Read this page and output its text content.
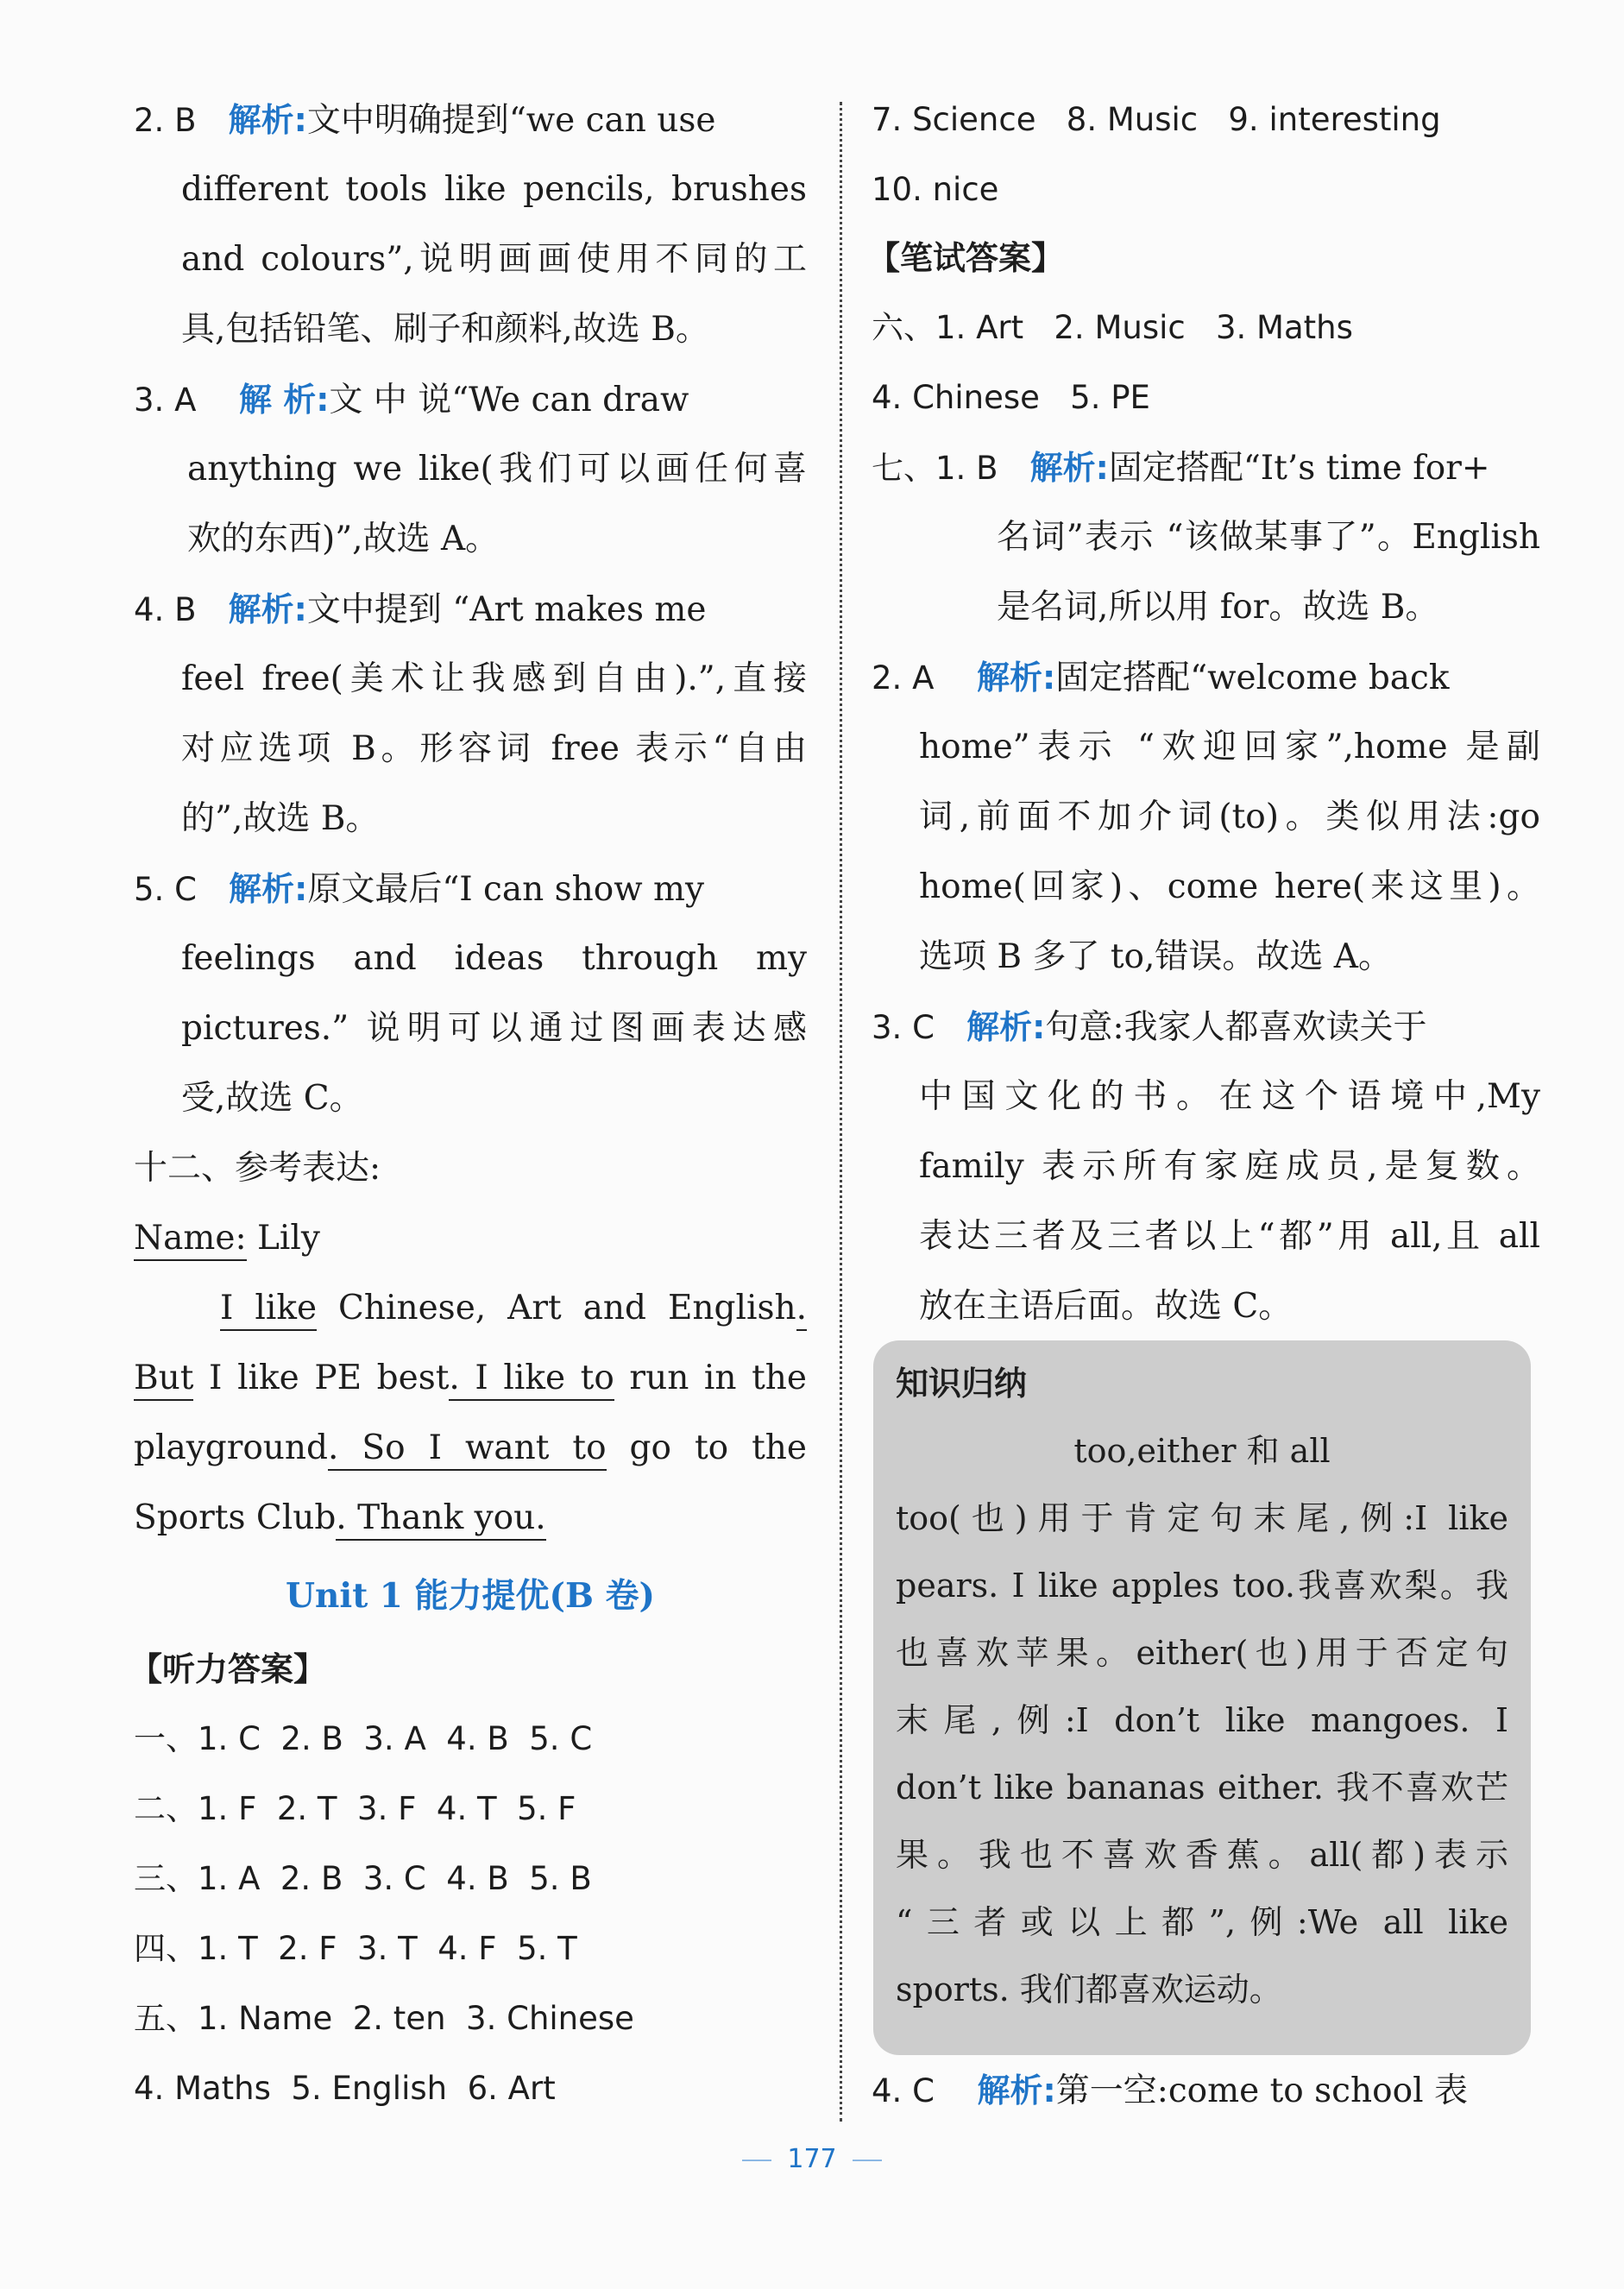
2. B 解析:文中明确提到“we can use
different tools like pencils, brushes
and colours”,说明画画使用不同的工
具,包括铅笔、刷子和颜料,故选 B。
3. A 解 析:文 中 说“We can draw
anything we like(我们可以画任何喜
欢的东西)”,故选 A。
4. B 解析:文中提到 “Art makes me
feel free(美术让我感到自由).”,直接
对应选项 B。形容词 free 表示“自由
的”,故选 B。
5. C 解析:原文最后“I can show my
feelings and ideas through my
pictures.” 说明可以通过图画表达感
受,故选 C。
十二、参考表达:
Name: Lily
I like Chinese, Art and English.
But I like PE best. I like to run in the
playground. So I want to go to the
Sports Club. Thank you.
Unit 1 能力提优(B 卷)
【听力答案】
一、1. C  2. B  3. A  4. B  5. C
二、1. F  2. T  3. F  4. T  5. F
三、1. A  2. B  3. C  4. B  5. B
四、1. T  2. F  3. T  4. F  5. T
五、1. Name  2. ten  3. Chinese
4. Maths  5. English  6. Art
7. Science   8. Music   9. interesting
10. nice
【笔试答案】
六、1. Art   2. Music   3. Maths
4. Chinese   5. PE
七、1. B 解析:固定搭配“It’s time for+
名词”表示 “该做某事了”。English
是名词,所以用 for。故选 B。
2. A 解析:固定搭配“welcome back
home”表示 “欢迎回家”,home 是副
词,前面不加介词(to)。类似用法:go
home(回家)、come here(来这里)。
选项 B 多了 to,错误。故选 A。
3. C 解析:句意:我家人都喜欢读关于
中国文化的书。在这个语境中,My
family 表示所有家庭成员,是复数。
表达三者及三者以上“都”用 all,且 all
放在主语后面。故选 C。
4. C 解析:第一空:come to school 表
知识归纳
too,either 和 all
too(也)用于肯定句末尾,例:I like
pears. I like apples too.我喜欢梨。我
也喜欢苹果。either(也)用于否定句
末尾,例:I don’t like mangoes. I
don’t like bananas either. 我不喜欢芒
果。我也不喜欢香蕉。all(都)表示
“三者或以上都”,例:We all like
sports. 我们都喜欢运动。
177
